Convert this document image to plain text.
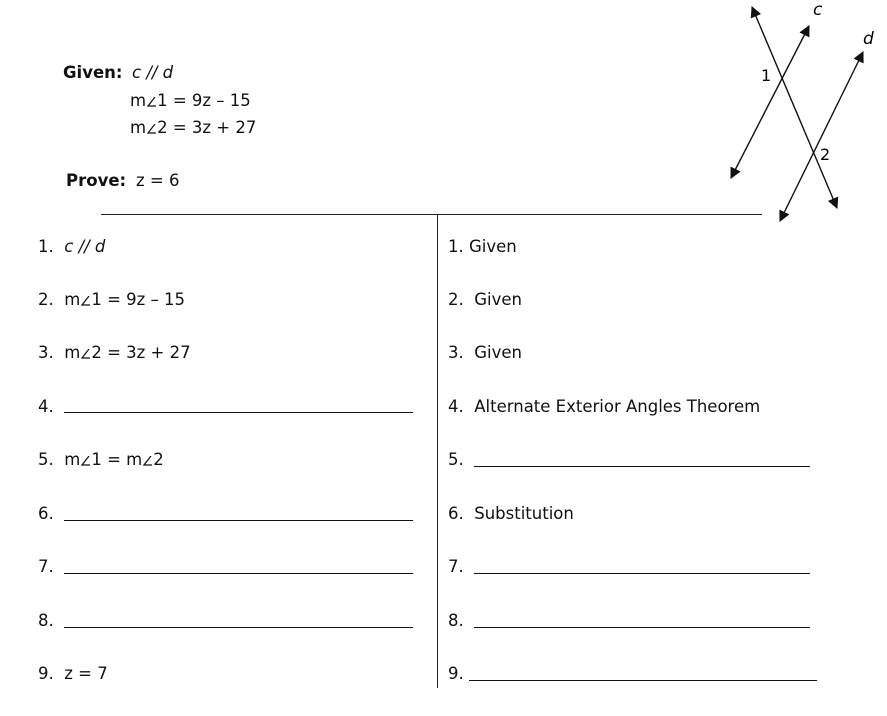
Given: c // d
m 1 = 9z – 15
m 2 = 3z + 27
Prove: z = 6
c
d
1
2
1. c // d
2. m 1 = 9z – 15
3. m 2 = 3z + 27
4.
5. m 1 = m 2
6.
7.
8.
9. z = 7
1. Given
2. Given
3. Given
4. Alternate Exterior Angles Theorem
5.
6. Substitution
7.
8.
9.
